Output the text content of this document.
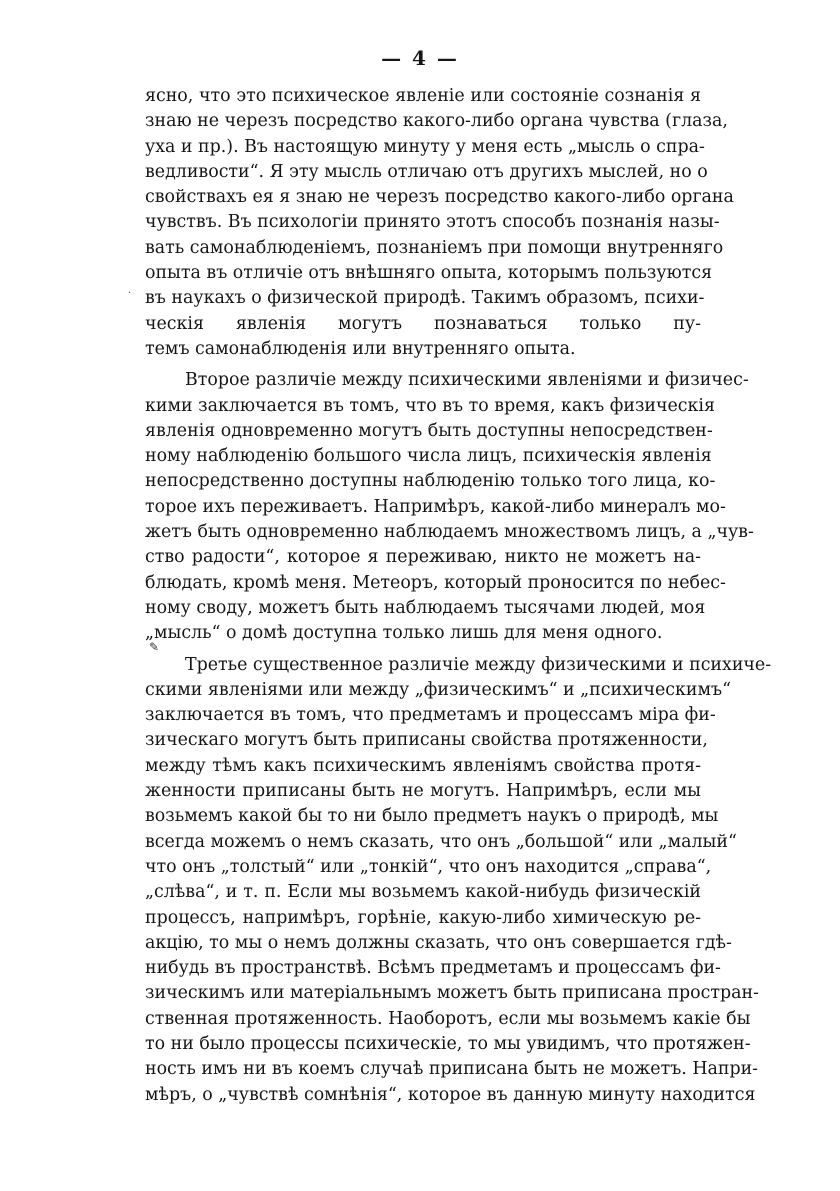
— 4 —
·
✎
ясно, что это психическое явленіе или состояніе сознанія я
знаю не черезъ посредство какого-либо органа чувства (глаза,
уха и пр.). Въ настоящую минуту у меня есть „мысль о спра-
ведливости“. Я эту мысль отличаю отъ другихъ мыслей, но о
свойствахъ ея я знаю не черезъ посредство какого-либо органа
чувствъ. Въ психологіи принято этотъ способъ познанія назы-
вать самонаблюденіемъ, познаніемъ при помощи внутренняго
опыта въ отличіе отъ внѣшняго опыта, которымъ пользуются
въ наукахъ о физической природѣ. Такимъ образомъ, психи-
ческія явленія могутъ познаваться только пу-
темъ самонаблюденія или внутренняго опыта.
Второе различіе между психическими явленіями и физичес-
кими заключается въ томъ, что въ то время, какъ физическія
явленія одновременно могутъ быть доступны непосредствен-
ному наблюденію большого числа лицъ, психическія явленія
непосредственно доступны наблюденію только того лица, ко-
торое ихъ переживаетъ. Напримѣръ, какой-либо минералъ мо-
жетъ быть одновременно наблюдаемъ множествомъ лицъ, а „чув-
ство радости“, которое я переживаю, никто не можетъ на-
блюдать, кромѣ меня. Метеоръ, который проносится по небес-
ному своду, можетъ быть наблюдаемъ тысячами людей, моя
„мысль“ о домѣ доступна только лишь для меня одного.
Третье существенное различіе между физическими и психиче-
скими явленіями или между „физическимъ“ и „психическимъ“
заключается въ томъ, что предметамъ и процессамъ міра фи-
зическаго могутъ быть приписаны свойства протяженности,
между тѣмъ какъ психическимъ явленіямъ свойства протя-
женности приписаны быть не могутъ. Напримѣръ, если мы
возьмемъ какой бы то ни было предметъ наукъ о природѣ, мы
всегда можемъ о немъ сказать, что онъ „большой“ или „малый“
что онъ „толстый“ или „тонкій“, что онъ находится „справа“,
„слѣва“, и т. п. Если мы возьмемъ какой-нибудь физическій
процессъ, напримѣръ, горѣніе, какую-либо химическую ре-
акцію, то мы о немъ должны сказать, что онъ совершается гдѣ-
нибудь въ пространствѣ. Всѣмъ предметамъ и процессамъ фи-
зическимъ или матеріальнымъ можетъ быть приписана простран-
ственная протяженность. Наоборотъ, если мы возьмемъ какіе бы
то ни было процессы психическіе, то мы увидимъ, что протяжен-
ность имъ ни въ коемъ случаѣ приписана быть не можетъ. Напри-
мѣръ, о „чувствѣ сомнѣнія“, которое въ данную минуту находится
